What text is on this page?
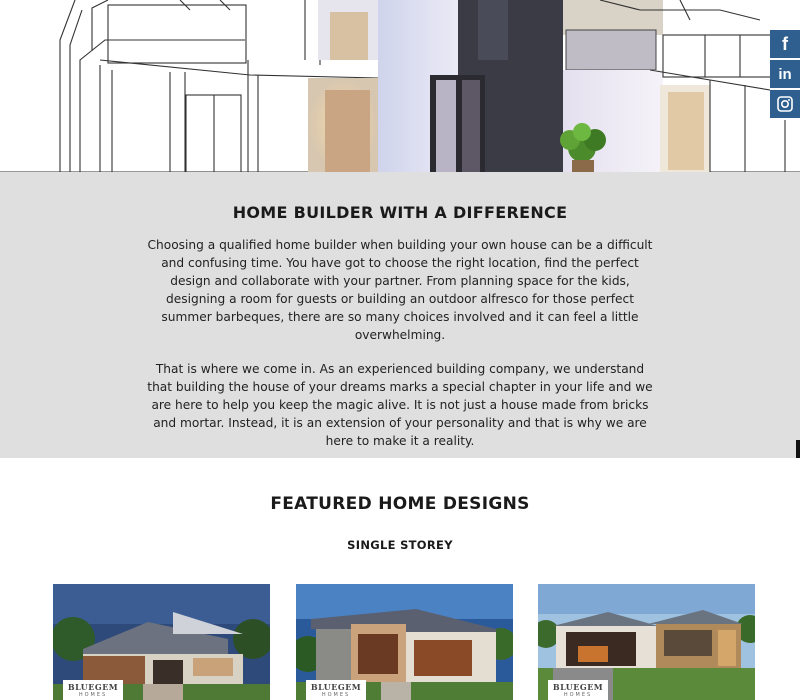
f
in
HOME BUILDER WITH A DIFFERENCE

Choosing a qualified home builder when building your own house can be a difficult and confusing time. You have got to choose the right location, find the perfect design and collaborate with your partner. From planning space for the kids, designing a room for guests or building an outdoor alfresco for those perfect summer barbeques, there are so many choices involved and it can feel a little overwhelming.

That is where we come in. As an experienced building company, we understand that building the house of your dreams marks a special chapter in your life and we are here to help you keep the magic alive. It is not just a house made from bricks and mortar. Instead, it is an extension of your personality and that is why we are here to make it a reality.

FEATURED HOME DESIGNS
SINGLE STOREY
BLUEGEM
HOMES
BLUEGEM
HOMES
BLUEGEM
HOMES
